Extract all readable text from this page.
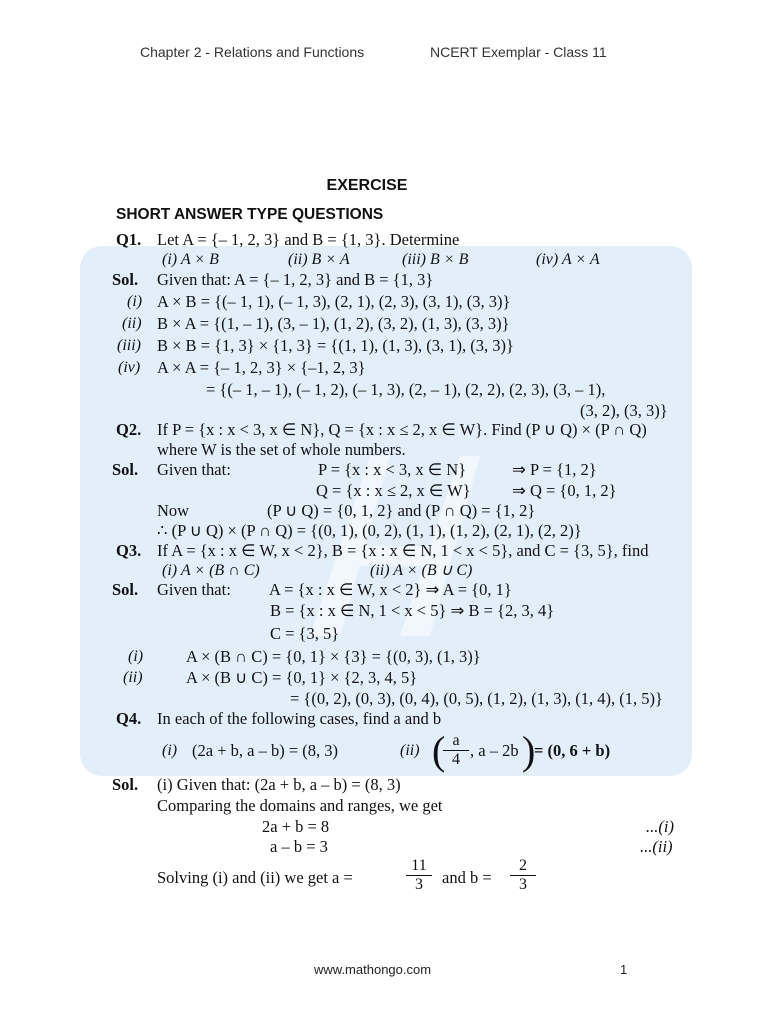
Chapter 2 - Relations and Functions	NCERT Exemplar - Class 11
EXERCISE
SHORT ANSWER TYPE QUESTIONS
Q1. Let A = {– 1, 2, 3} and B = {1, 3}. Determine
(i) A × B	(ii) B × A	(iii) B × B	(iv) A × A
Sol. Given that: A = {– 1, 2, 3} and B = {1, 3}
(i) A × B = {(– 1, 1), (– 1, 3), (2, 1), (2, 3), (3, 1), (3, 3)}
(ii) B × A = {(1, – 1), (3, – 1), (1, 2), (3, 2), (1, 3), (3, 3)}
(iii) B × B = {1, 3} × {1, 3} = {(1, 1), (1, 3), (3, 1), (3, 3)}
(iv) A × A = {– 1, 2, 3} × {–1, 2, 3}
= {(– 1, – 1), (– 1, 2), (– 1, 3), (2, – 1), (2, 2), (2, 3), (3, – 1),
(3, 2), (3, 3)}
Q2. If P = {x : x < 3, x ∈ N}, Q = {x : x ≤ 2, x ∈ W}. Find (P ∪ Q) × (P ∩ Q)
where W is the set of whole numbers.
Sol. Given that:	P = {x : x < 3, x ∈ N}	⇒ P = {1, 2}
Q = {x : x ≤ 2, x ∈ W}	⇒ Q = {0, 1, 2}
Now	(P ∪ Q) = {0, 1, 2} and (P ∩ Q) = {1, 2}
∴ (P ∪ Q) × (P ∩ Q) = {(0, 1), (0, 2), (1, 1), (1, 2), (2, 1), (2, 2)}
Q3. If A = {x : x ∈ W, x < 2}, B = {x : x ∈ N, 1 < x < 5}, and C = {3, 5}, find
(i) A × (B ∩ C)	(ii) A × (B ∪ C)
Sol. Given that: A = {x : x ∈ W, x < 2} ⇒ A = {0, 1}
B = {x : x ∈ N, 1 < x < 5} ⇒ B = {2, 3, 4}
C = {3, 5}
(i)	A × (B ∩ C) = {0, 1} × {3} = {(0, 3), (1, 3)}
(ii)	A × (B ∪ C) = {0, 1} × {2, 3, 4, 5}
= {(0, 2), (0, 3), (0, 4), (0, 5), (1, 2), (1, 3), (1, 4), (1, 5)}
Q4. In each of the following cases, find a and b
(i) (2a + b, a – b) = (8, 3)	(ii) (
$\frac{a}{4}$ , a – 2b )
= (0, 6 + b)
Sol. (i) Given that: (2a + b, a – b) = (8, 3)
Comparing the domains and ranges, we get
2a + b = 8	...(i)
a – b = 3	...(ii)
Solving (i) and (ii) we get a =	$\frac{11}{3}$ and $b = \frac{2}{3}$
www.mathongo.com	1
